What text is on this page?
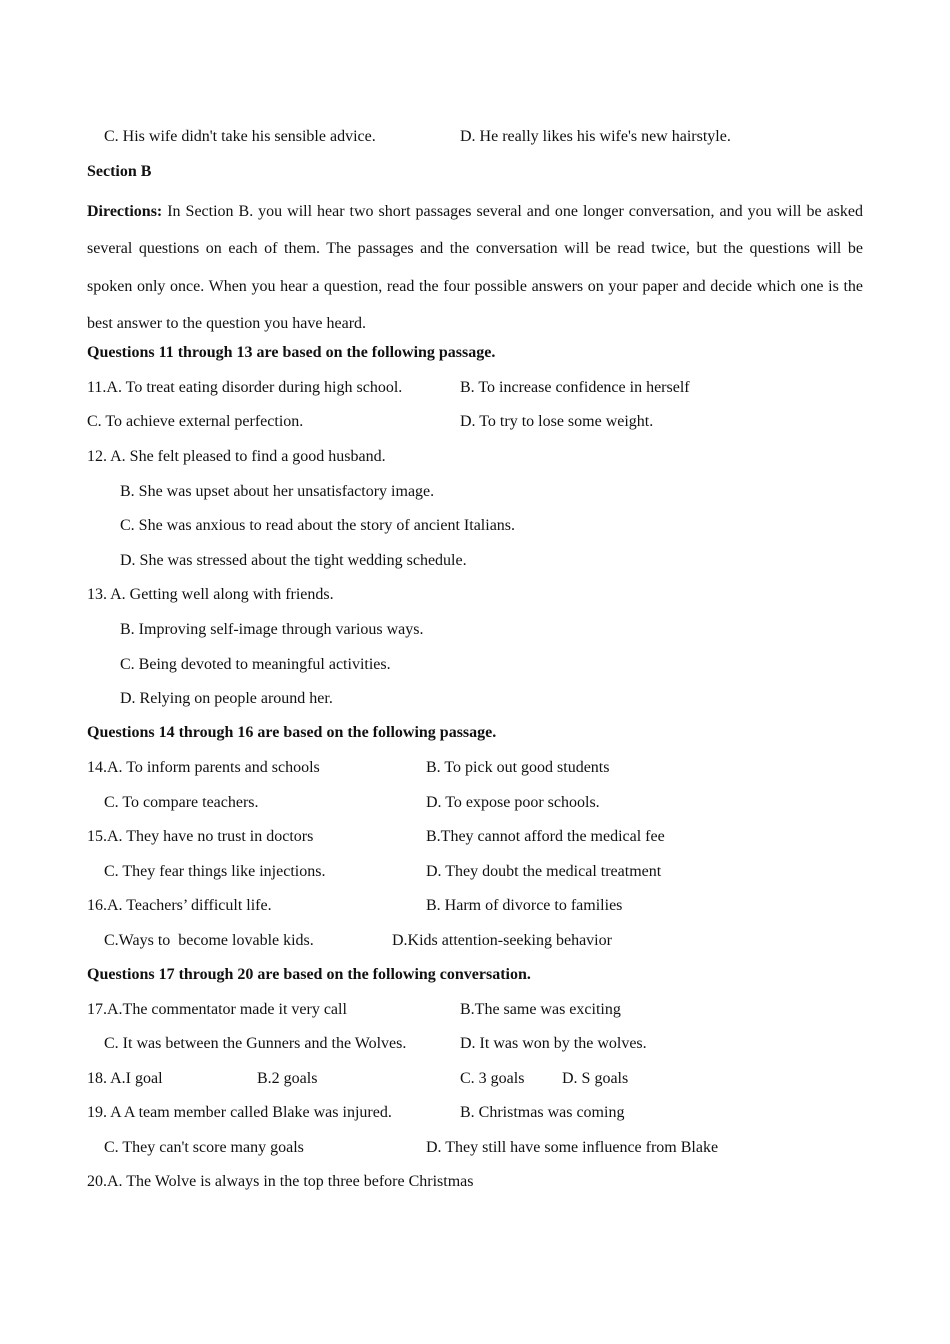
C. His wife didn't take his sensible advice.	D. He really likes his wife's new hairstyle.
Section B
Directions: In Section B. you will hear two short passages several and one longer conversation, and you will be asked several questions on each of them. The passages and the conversation will be read twice, but the questions will be spoken only once. When you hear a question, read the four possible answers on your paper and decide which one is the best answer to the question you have heard.
Questions 11 through 13 are based on the following passage.
11.A. To treat eating disorder during high school.	B. To increase confidence in herself
C. To achieve external perfection.	D. To try to lose some weight.
12. A. She felt pleased to find a good husband.
B. She was upset about her unsatisfactory image.
C. She was anxious to read about the story of ancient Italians.
D. She was stressed about the tight wedding schedule.
13. A. Getting well along with friends.
B. Improving self-image through various ways.
C. Being devoted to meaningful activities.
D. Relying on people around her.
Questions 14 through 16 are based on the following passage.
14.A. To inform parents and schools	B. To pick out good students
C. To compare teachers.	D. To expose poor schools.
15.A. They have no trust in doctors	B.They cannot afford the medical fee
C. They fear things like injections.	D. They doubt the medical treatment
16.A. Teachers’ difficult life.	B. Harm of divorce to families
C.Ways to  become lovable kids.	D.Kids attention-seeking behavior
Questions 17 through 20 are based on the following conversation.
17.A.The commentator made it very call	B.The same was exciting
C. It was between the Gunners and the Wolves.	D. It was won by the wolves.
18. A.I goal	B.2 goals	C. 3 goals D. S goals
19. A A team member called Blake was injured.	B. Christmas was coming
C. They can't score many goals	D. They still have some influence from Blake
20.A. The Wolve is always in the top three before Christmas
